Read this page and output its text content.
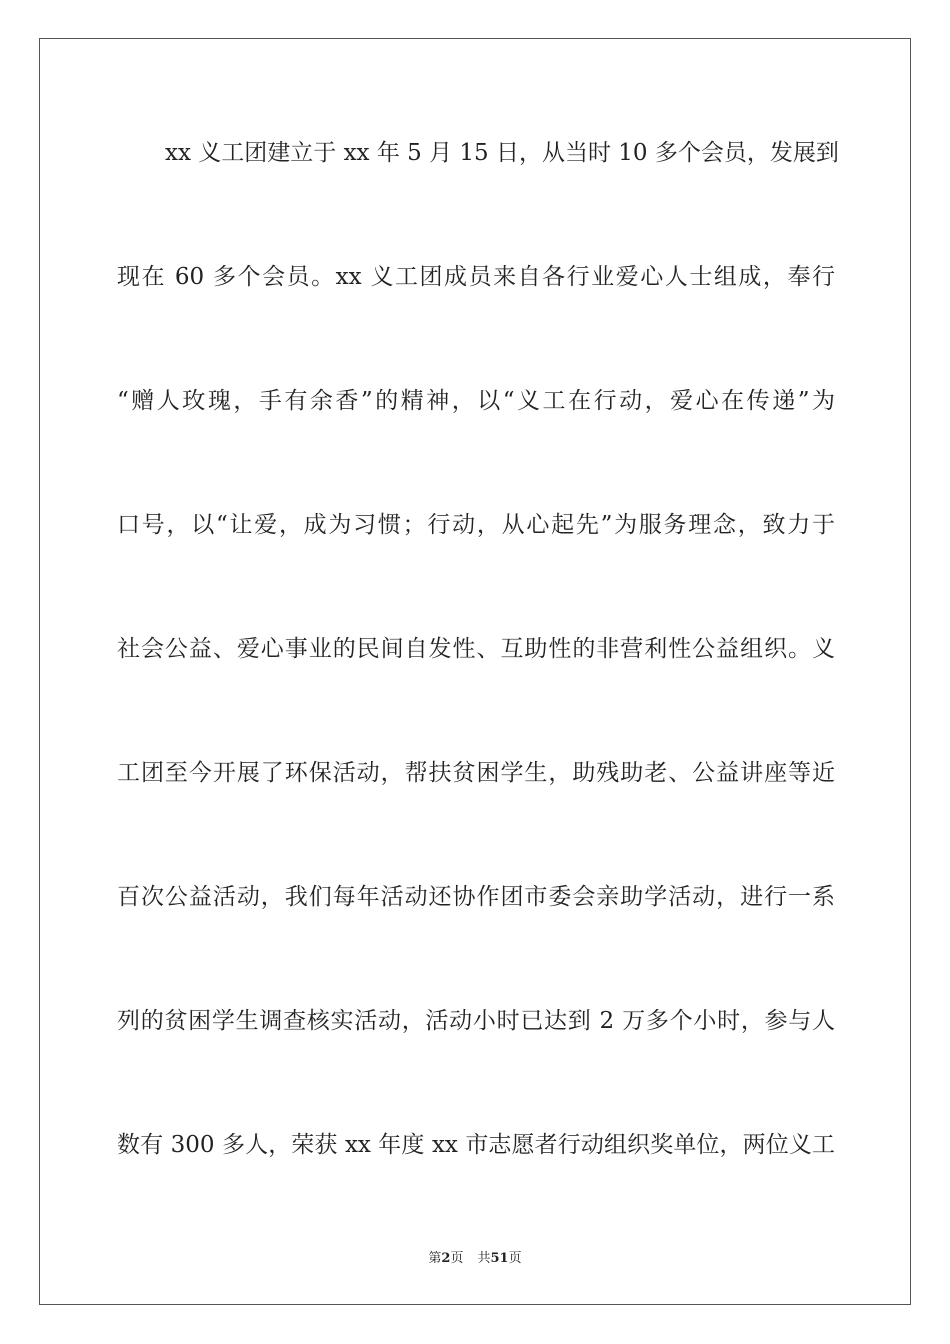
xx 义工团建立于 xx 年 5 月 15 日，从当时 10 多个会员，发展到
现在 60 多个会员。xx 义工团成员来自各行业爱心人士组成，奉行
“赠人玫瑰，手有余香”的精神，以“义工在行动，爱心在传递”为
口号，以“让爱，成为习惯；行动，从心起先”为服务理念，致力于
社会公益、爱心事业的民间自发性、互助性的非营利性公益组织。义
工团至今开展了环保活动，帮扶贫困学生，助残助老、公益讲座等近
百次公益活动，我们每年活动还协作团市委会亲助学活动，进行一系
列的贫困学生调查核实活动，活动小时已达到 2 万多个小时，参与人
数有 300 多人，荣获 xx 年度 xx 市志愿者行动组织奖单位，两位义工
第2页 共51页
